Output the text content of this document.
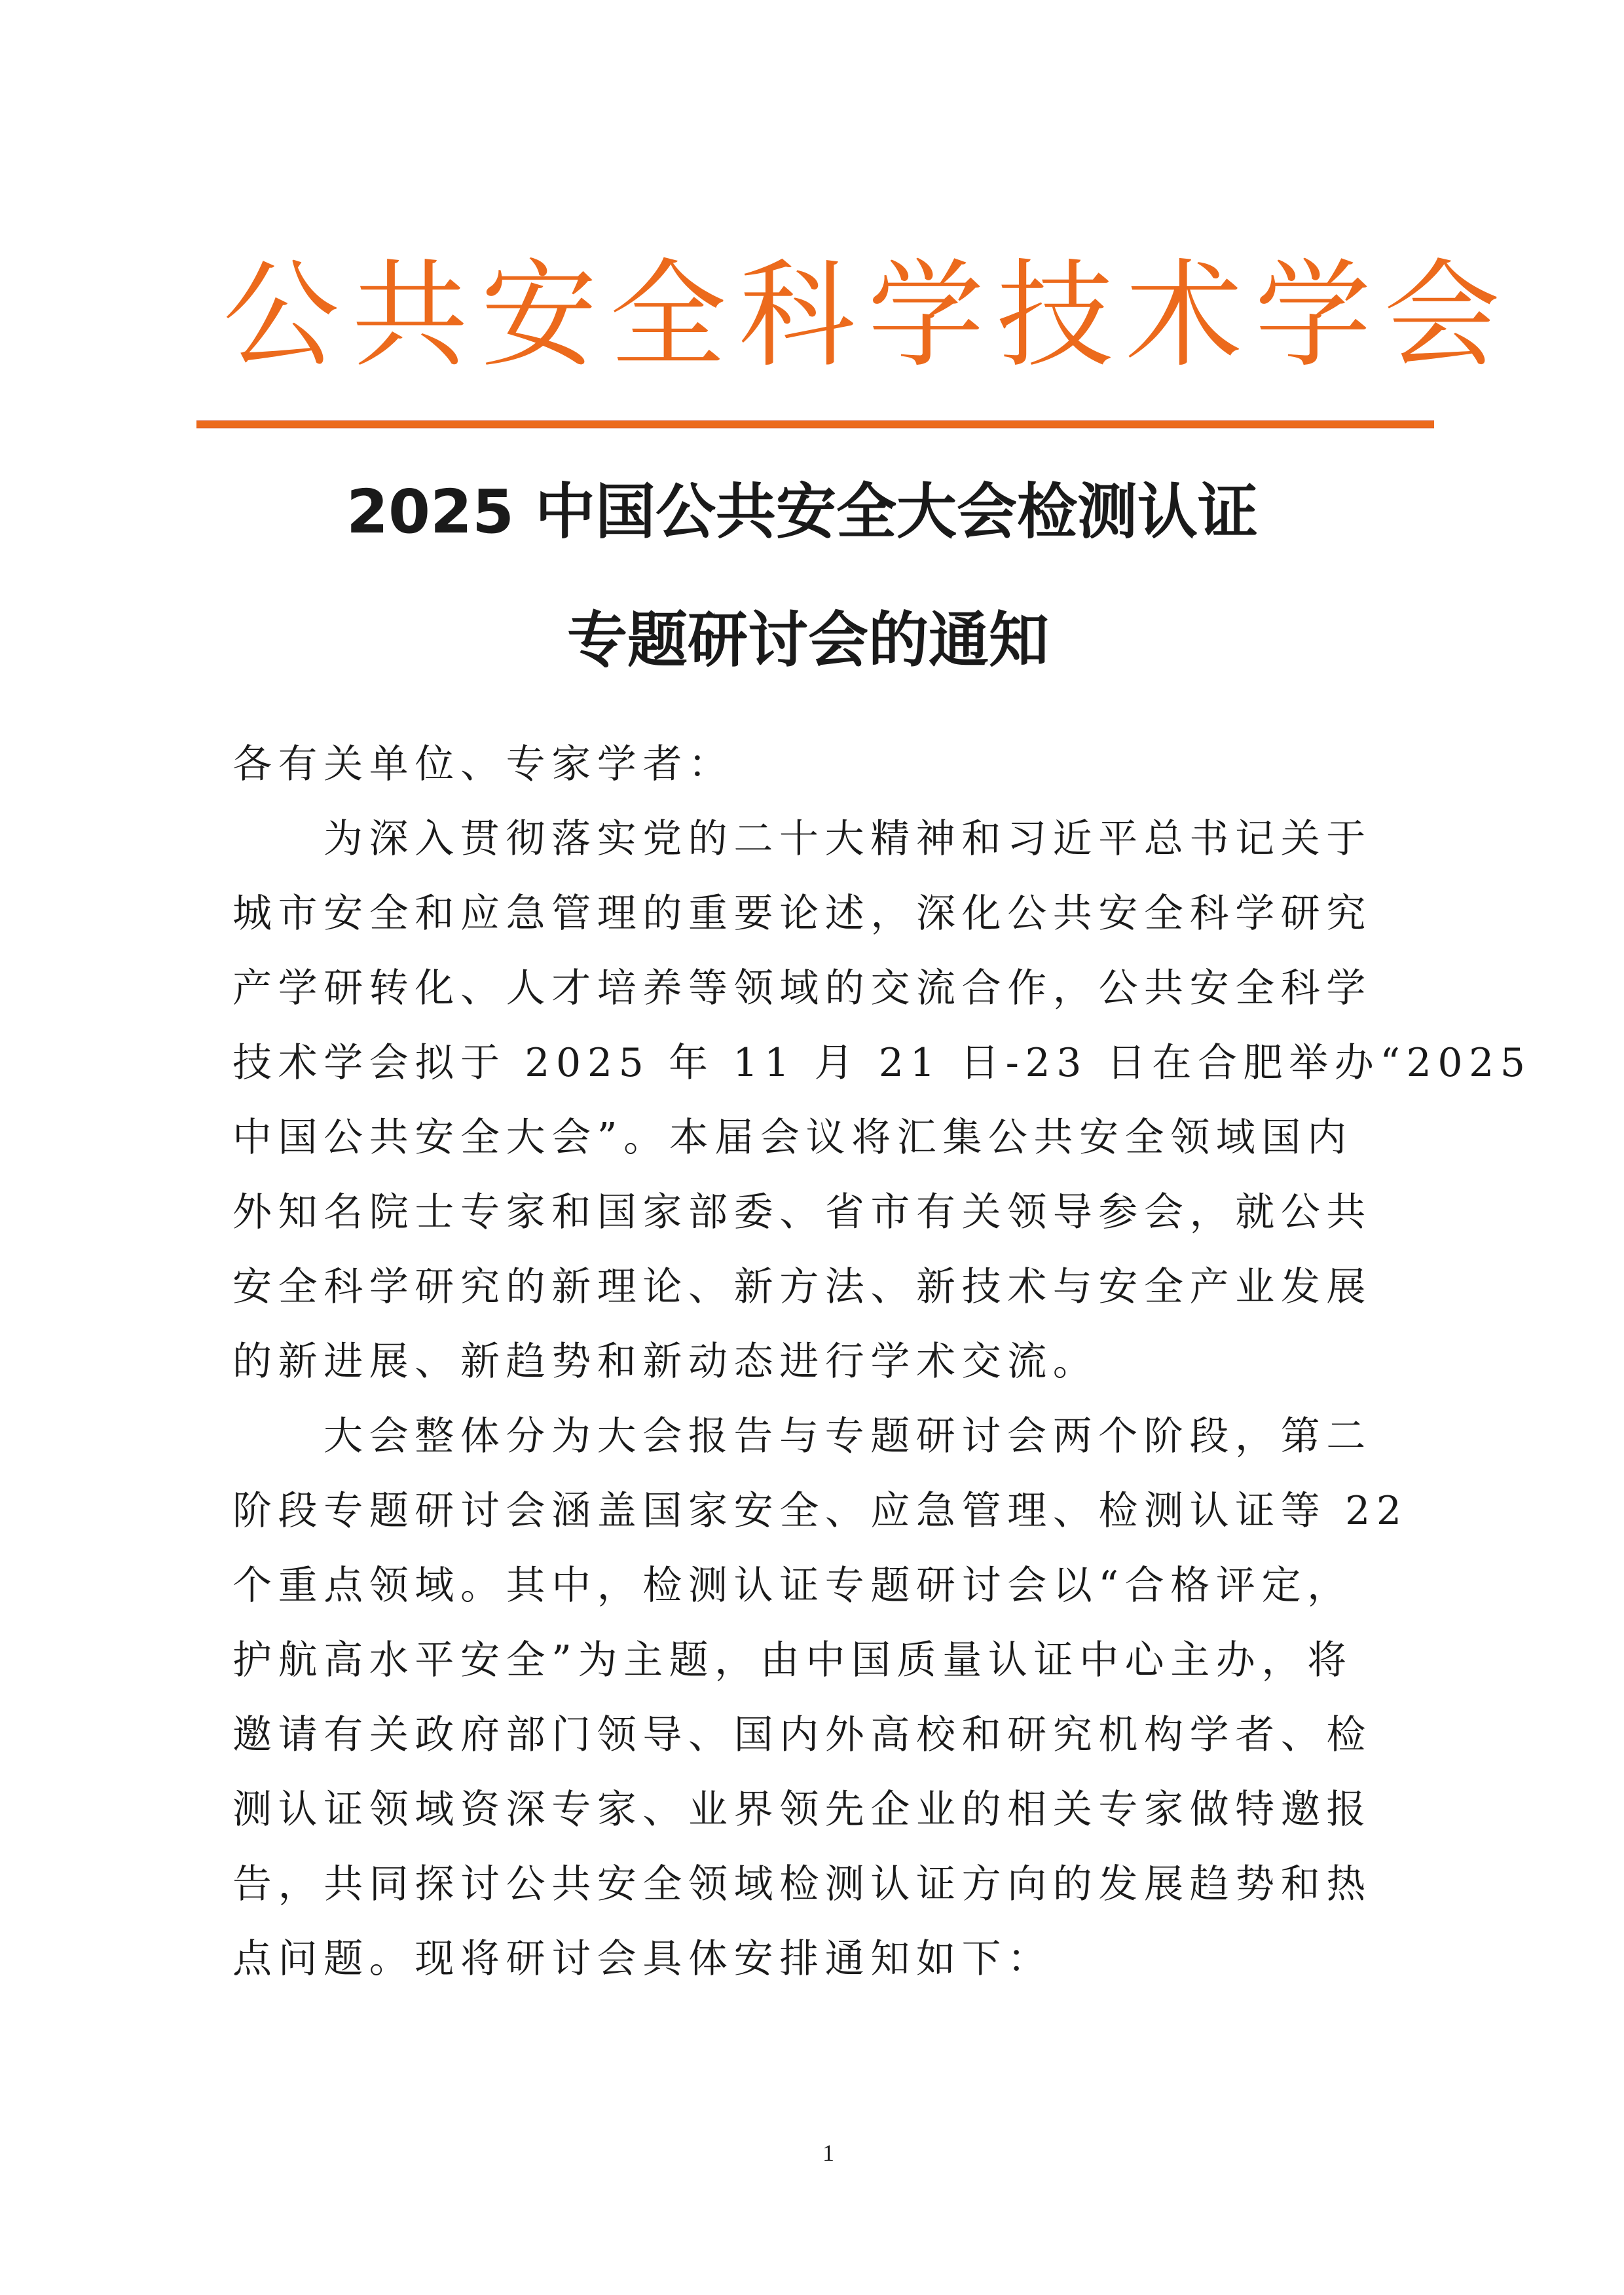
公共安全科学技术学会
2025 中国公共安全大会检测认证
专题研讨会的通知
各有关单位、专家学者：
为深入贯彻落实党的二十大精神和习近平总书记关于
城市安全和应急管理的重要论述，深化公共安全科学研究
产学研转化、人才培养等领域的交流合作，公共安全科学
技术学会拟于 2025 年 11 月 21 日-23 日在合肥举办“2025
中国公共安全大会”。本届会议将汇集公共安全领域国内
外知名院士专家和国家部委、省市有关领导参会，就公共
安全科学研究的新理论、新方法、新技术与安全产业发展
的新进展、新趋势和新动态进行学术交流。
大会整体分为大会报告与专题研讨会两个阶段，第二
阶段专题研讨会涵盖国家安全、应急管理、检测认证等 22
个重点领域。其中，检测认证专题研讨会以“合格评定，
护航高水平安全”为主题，由中国质量认证中心主办，将
邀请有关政府部门领导、国内外高校和研究机构学者、检
测认证领域资深专家、业界领先企业的相关专家做特邀报
告，共同探讨公共安全领域检测认证方向的发展趋势和热
点问题。现将研讨会具体安排通知如下：
1
